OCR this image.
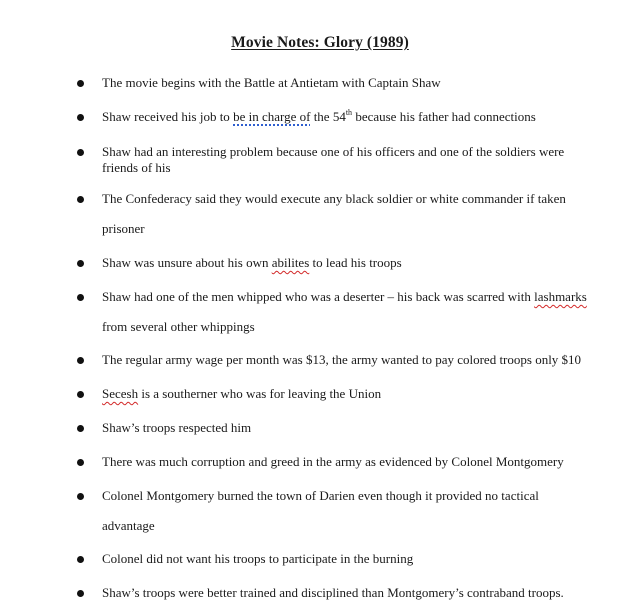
Movie Notes: Glory (1989)
The movie begins with the Battle at Antietam with Captain Shaw
Shaw received his job to be in charge of the 54th because his father had connections
Shaw had an interesting problem because one of his officers and one of the soldiers were
friends of his
The Confederacy said they would execute any black soldier or white commander if taken
prisoner
Shaw was unsure about his own abilites to lead his troops
Shaw had one of the men whipped who was a deserter – his back was scarred with lashmarks
from several other whippings
The regular army wage per month was $13, the army wanted to pay colored troops only $10
Secesh is a southerner who was for leaving the Union
Shaw’s troops respected him
There was much corruption and greed in the army as evidenced by Colonel Montgomery
Colonel Montgomery burned the town of Darien even though it provided no tactical
advantage
Colonel did not want his troops to participate in the burning
Shaw’s troops were better trained and disciplined than Montgomery’s contraband troops.
